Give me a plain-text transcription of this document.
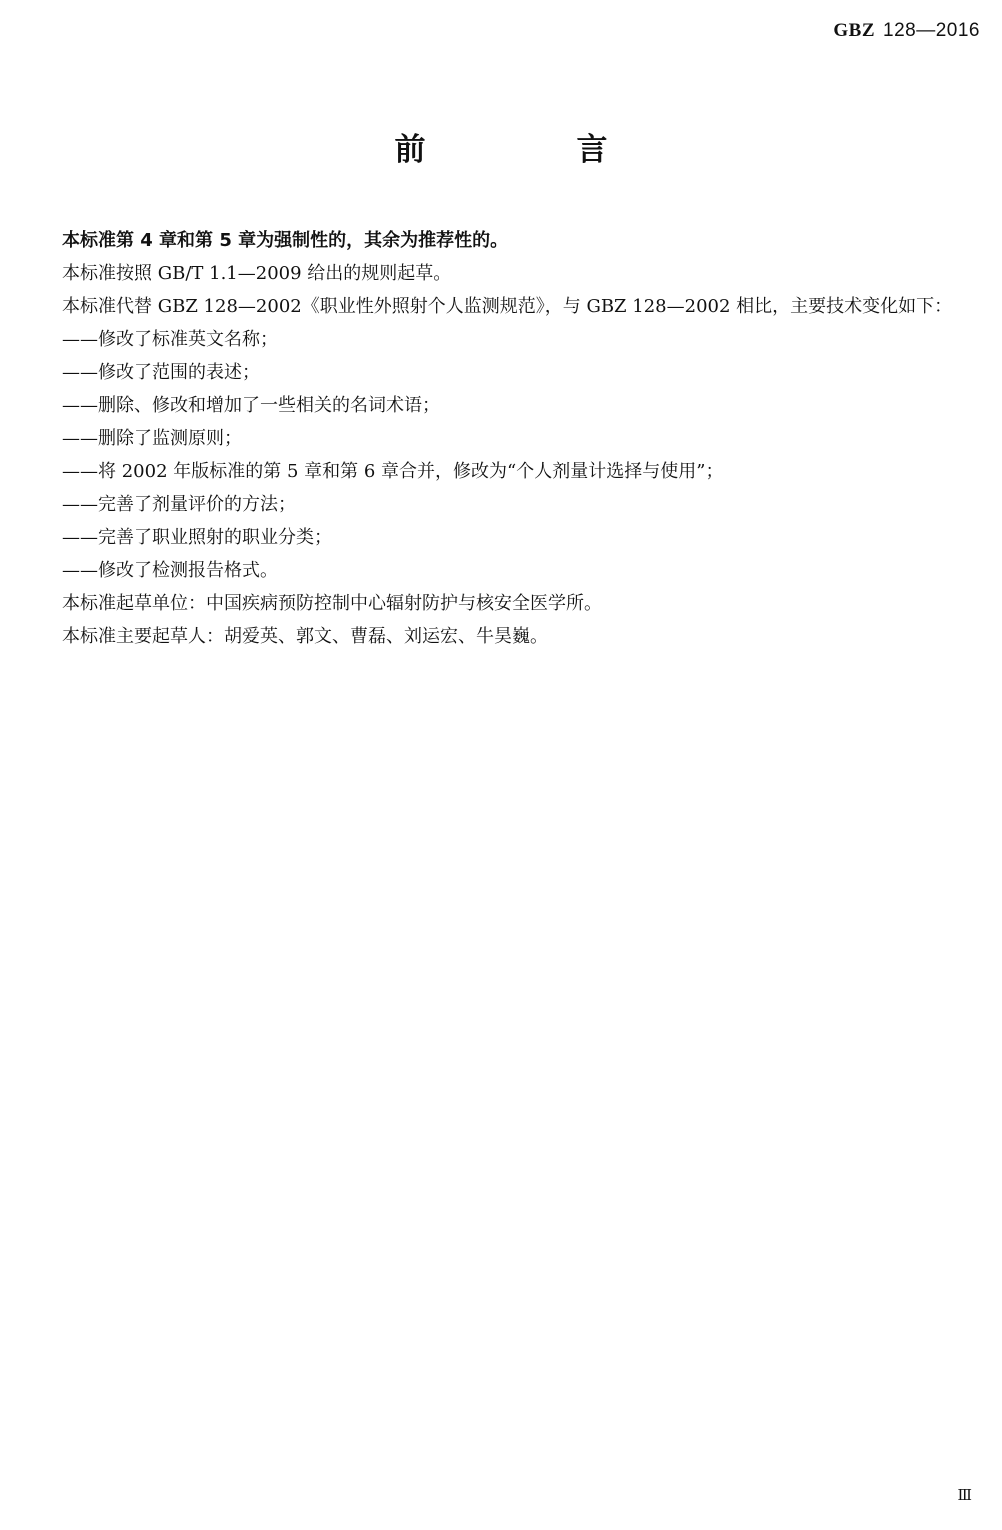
GBZ 128—2016
前　言

本标准第 4 章和第 5 章为强制性的，其余为推荐性的。

本标准按照 GB/T 1.1—2009 给出的规则起草。

本标准代替 GBZ 128—2002《职业性外照射个人监测规范》，与 GBZ 128—2002 相比，主要技术变化如下：

——修改了标准英文名称；
——修改了范围的表述；
——删除、修改和增加了一些相关的名词术语；
——删除了监测原则；
——将 2002 年版标准的第 5 章和第 6 章合并，修改为“个人剂量计选择与使用”；
——完善了剂量评价的方法；
——完善了职业照射的职业分类；
——修改了检测报告格式。

本标准起草单位：中国疾病预防控制中心辐射防护与核安全医学所。

本标准主要起草人：胡爱英、郭文、曹磊、刘运宏、牛昊巍。

Ⅲ
